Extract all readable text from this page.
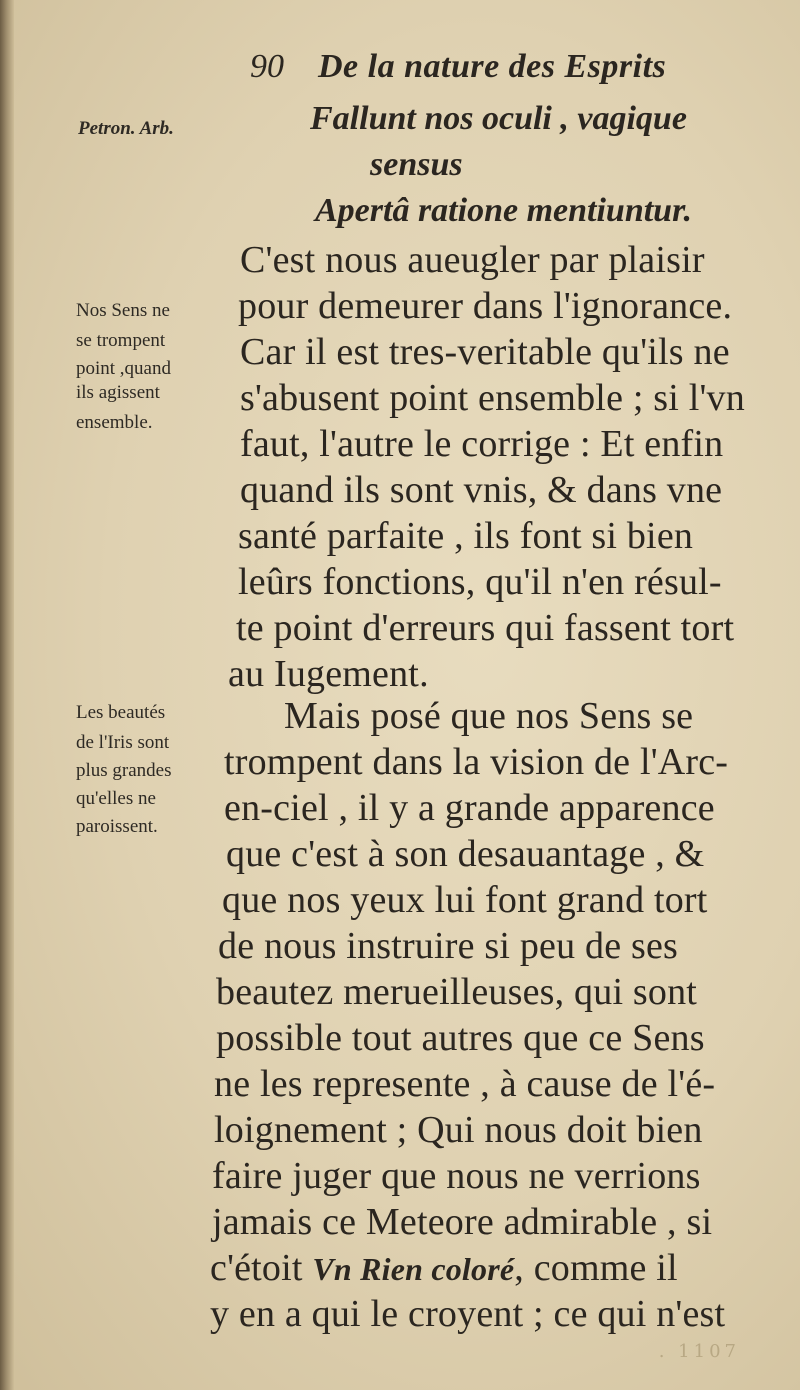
90 De la nature des Esprits
Petron. Arb.	Fallunt nos oculi , vagique
sensus
Apertâ ratione mentiuntur.
Nos Sens ne
se trompent
point ,quand
ils agissent
ensemble.
Les beautés
de l'Iris sont
plus grandes
qu'elles ne
paroissent.
C'est nous aueugler par plaisir
pour demeurer dans l'ignorance.
Car il est tres-veritable qu'ils ne
s'abusent point ensemble ; si l'vn
faut, l'autre le corrige : Et enfin
quand ils sont vnis, & dans vne
santé parfaite , ils font si bien
leûrs fonctions, qu'il n'en résul-
te point d'erreurs qui fassent tort
au Iugement.
Mais posé que nos Sens se
trompent dans la vision de l'Arc-
en-ciel , il y a grande apparence
que c'est à son desauantage , &
que nos yeux lui font grand tort
de nous instruire si peu de ses
beautez merueilleuses, qui sont
possible tout autres que ce Sens
ne les represente , à cause de l'é-
loignement ; Qui nous doit bien
faire juger que nous ne verrions
jamais ce Meteore admirable , si
c'étoit Vn Rien coloré, comme il
y en a qui le croyent ; ce qui n'est
. 1107
